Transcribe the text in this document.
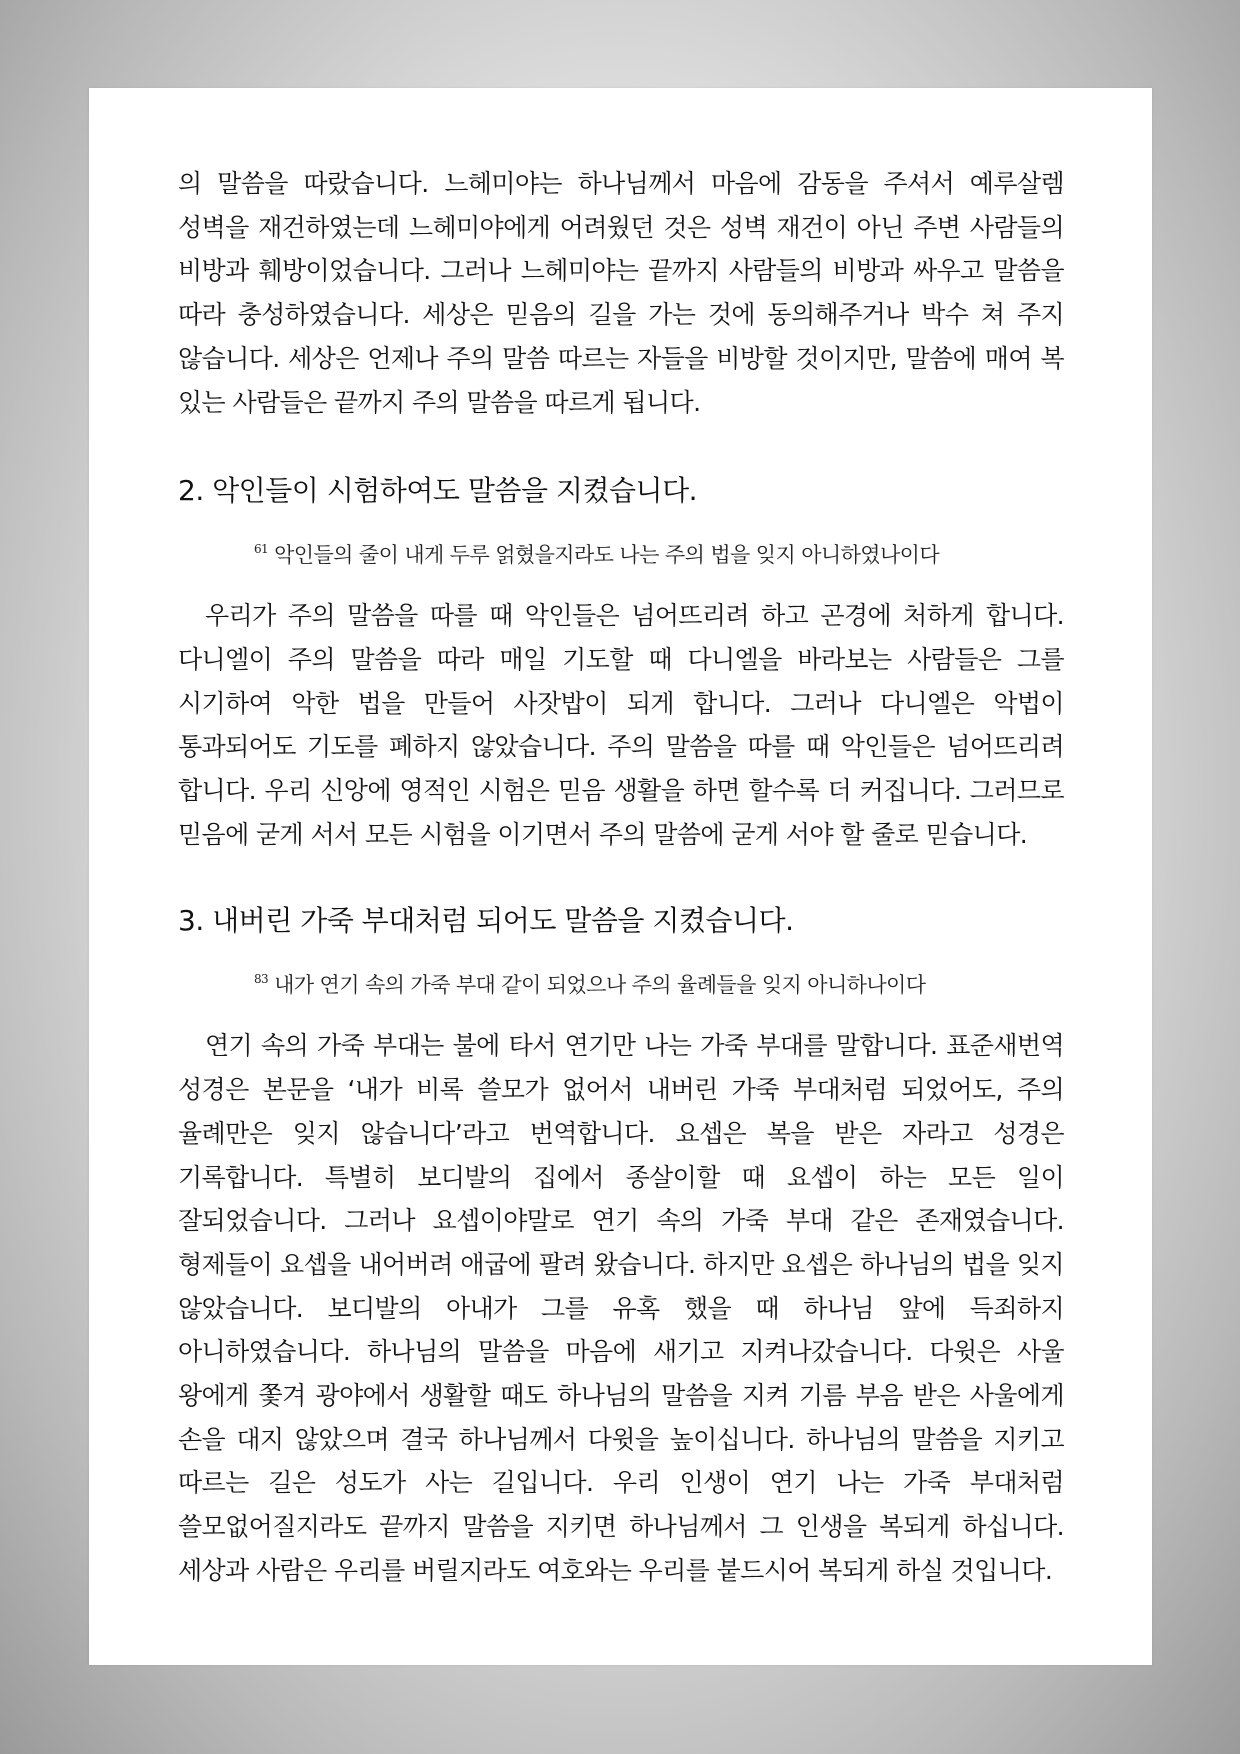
의 말씀을 따랐습니다. 느헤미야는 하나님께서 마음에 감동을 주셔서 예루살렘 성벽을 재건하였는데 느헤미야에게 어려웠던 것은 성벽 재건이 아닌 주변 사람들의 비방과 훼방이었습니다. 그러나 느헤미야는 끝까지 사람들의 비방과 싸우고 말씀을 따라 충성하였습니다. 세상은 믿음의 길을 가는 것에 동의해주거나 박수 쳐 주지 않습니다. 세상은 언제나 주의 말씀 따르는 자들을 비방할 것이지만, 말씀에 매여 복 있는 사람들은 끝까지 주의 말씀을 따르게 됩니다.

2. 악인들이 시험하여도 말씀을 지켰습니다.

$^{61}$ 악인들의 줄이 내게 두루 얽혔을지라도 나는 주의 법을 잊지 아니하였나이다

우리가 주의 말씀을 따를 때 악인들은 넘어뜨리려 하고 곤경에 처하게 합니다. 다니엘이 주의 말씀을 따라 매일 기도할 때 다니엘을 바라보는 사람들은 그를 시기하여 악한 법을 만들어 사잣밥이 되게 합니다. 그러나 다니엘은 악법이 통과되어도 기도를 폐하지 않았습니다. 주의 말씀을 따를 때 악인들은 넘어뜨리려 합니다. 우리 신앙에 영적인 시험은 믿음 생활을 하면 할수록 더 커집니다. 그러므로 믿음에 굳게 서서 모든 시험을 이기면서 주의 말씀에 굳게 서야 할 줄로 믿습니다.

3. 내버린 가죽 부대처럼 되어도 말씀을 지켰습니다.

$^{83}$ 내가 연기 속의 가죽 부대 같이 되었으나 주의 율례들을 잊지 아니하나이다

연기 속의 가죽 부대는 불에 타서 연기만 나는 가죽 부대를 말합니다. 표준새번역 성경은 본문을 ‘내가 비록 쓸모가 없어서 내버린 가죽 부대처럼 되었어도, 주의 율례만은 잊지 않습니다’라고 번역합니다. 요셉은 복을 받은 자라고 성경은 기록합니다. 특별히 보디발의 집에서 종살이할 때 요셉이 하는 모든 일이 잘되었습니다. 그러나 요셉이야말로 연기 속의 가죽 부대 같은 존재였습니다. 형제들이 요셉을 내어버려 애굽에 팔려 왔습니다. 하지만 요셉은 하나님의 법을 잊지 않았습니다. 보디발의 아내가 그를 유혹 했을 때 하나님 앞에 득죄하지 아니하였습니다. 하나님의 말씀을 마음에 새기고 지켜나갔습니다. 다윗은 사울 왕에게 쫓겨 광야에서 생활할 때도 하나님의 말씀을 지켜 기름 부음 받은 사울에게 손을 대지 않았으며 결국 하나님께서 다윗을 높이십니다. 하나님의 말씀을 지키고 따르는 길은 성도가 사는 길입니다. 우리 인생이 연기 나는 가죽 부대처럼 쓸모없어질지라도 끝까지 말씀을 지키면 하나님께서 그 인생을 복되게 하십니다. 세상과 사람은 우리를 버릴지라도 여호와는 우리를 붙드시어 복되게 하실 것입니다.
